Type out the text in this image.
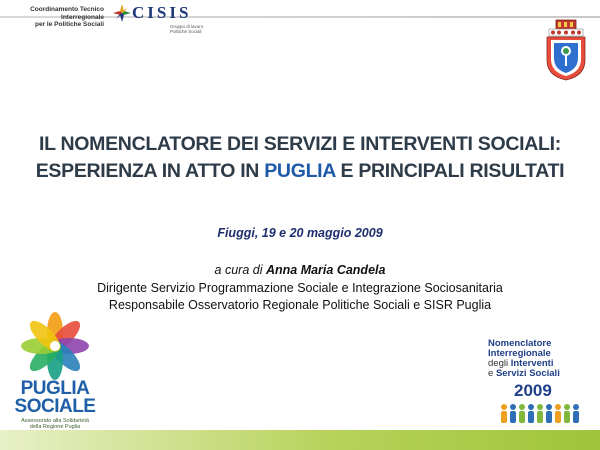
Coordinamento Tecnico
Interregionale
per le Politiche Sociali
CISIS
Gruppo di lavoro
Politiche Sociali
IL NOMENCLATORE DEI SERVIZI E INTERVENTI SOCIALI:
ESPERIENZA IN ATTO IN PUGLIA E PRINCIPALI RISULTATI
Fiuggi, 19 e 20 maggio 2009
a cura di Anna Maria Candela
Dirigente Servizio Programmazione Sociale e Integrazione Sociosanitaria
Responsabile Osservatorio Regionale Politiche Sociali e SISR Puglia
PUGLIA
SOCIALE
Assessorato alla Solidarietà
della Regione Puglia
Nomenclatore
Interregionale
degli Interventi
e Servizi Sociali
2009
